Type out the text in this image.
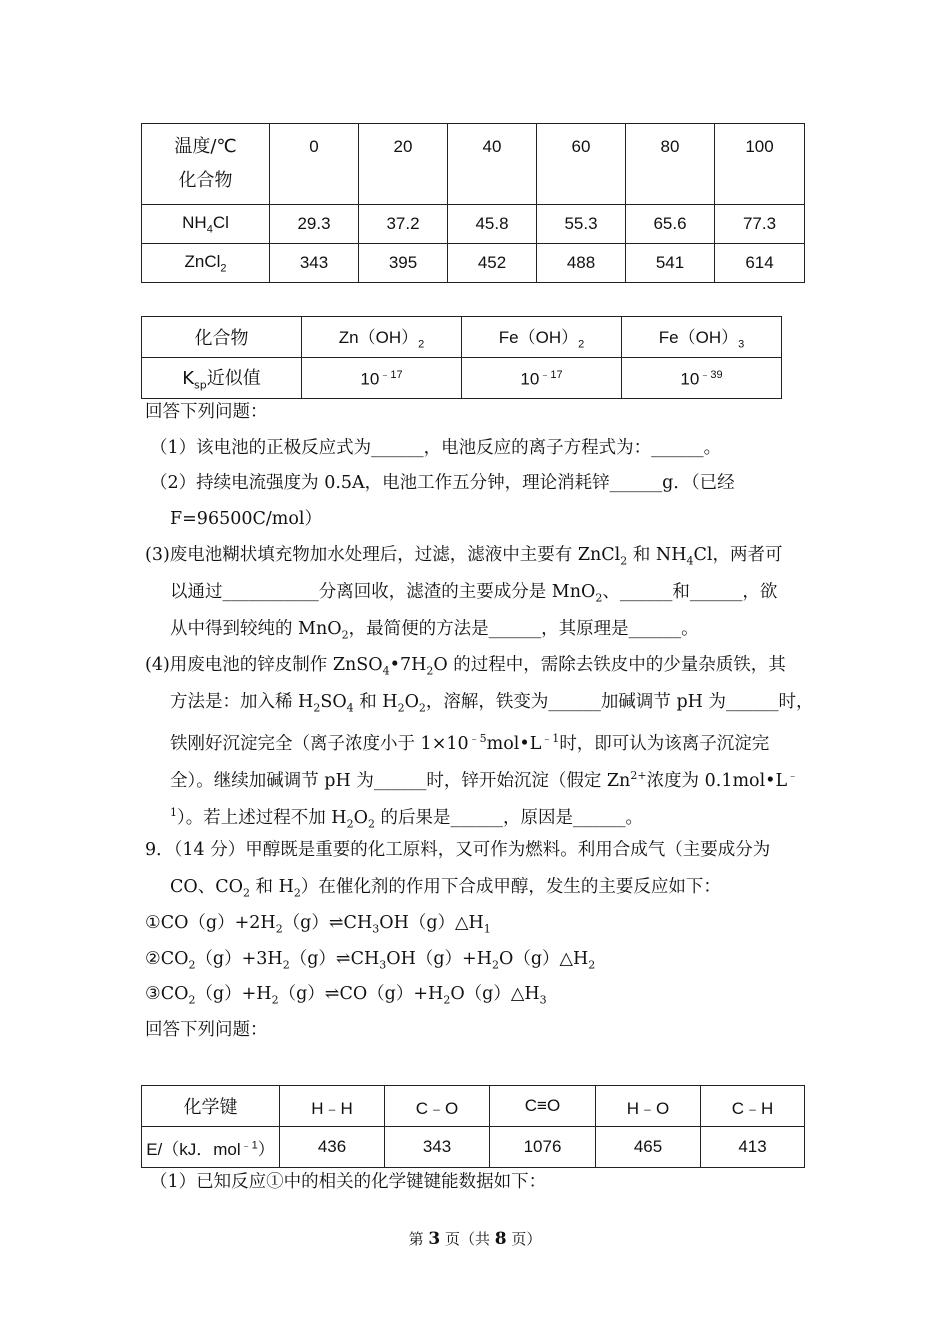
温度/℃
化合物	0	20	40	60	80	100
$NH_4Cl$	29.3	37.2	45.8	55.3	65.6	77.3
ZnCl$_2$	343	395	452	488	541	614
化合物	$Zn(OH)_2$	$Fe(OH)_2$	$Fe(OH)_3$
$K_{sp}$近似值	$10^{﹣17}$	$10^{﹣17}$	$10^{﹣39}$
回答下列问题：
（1）该电池的正极反应式为______，电池反应的离子方程式为：______。
（2）持续电流强度为 0.5A，电池工作五分钟，理论消耗锌______g．（已经
F=96500C/mol）
(3)废电池糊状填充物加水处理后，过滤，滤液中主要有 ZnCl$_2$ 和 $NH_4Cl$，两者可
以通过___________分离回收，滤渣的主要成分是 MnO$_2$、______和______，欲
从中得到较纯的 MnO$_2$，最简便的方法是______，其原理是______。
(4)用废电池的锌皮制作 $ZnSO_4•7H_2O$ 的过程中，需除去铁皮中的少量杂质铁，其
方法是：加入稀 $H_2SO_4$ 和 $H_2O_2$，溶解，铁变为______加碱调节 pH 为______时，
铁刚好沉淀完全（离子浓度小于 $1\times 10^{﹣5}mol•L^{﹣1}$时，即可认为该离子沉淀完
全）。继续加碱调节 pH 为______时，锌开始沉淀（假定 $Zn^{2+}$浓度为 0.1mol•L﹣
$^1$）。若上述过程不加 $H_2O_2$ 的后果是______，原因是______。
9．（14 分）甲醇既是重要的化工原料，又可作为燃料。利用合成气（主要成分为
CO、$CO_2$ 和 $H_2$）在催化剂的作用下合成甲醇，发生的主要反应如下：
$①CO(g)+2H_2(g)\rightleftharpoons CH_3OH(g)\triangle H_1$
$②CO_2(g)+3H_2(g)\rightleftharpoons CH_3OH(g)+H_2O(g)\triangle H_2$
$③CO_2(g)+H_2(g)\rightleftharpoons CO(g)+H_2O(g)\triangle H_3$
回答下列问题：
化学键	H﹣H	C﹣O	C≡O	H﹣O	C﹣H
E/（kJ．mol$^{﹣1}$）	436	343	1076	465	413
（1）已知反应①中的相关的化学键键能数据如下：
第 3 页（共 8 页）
